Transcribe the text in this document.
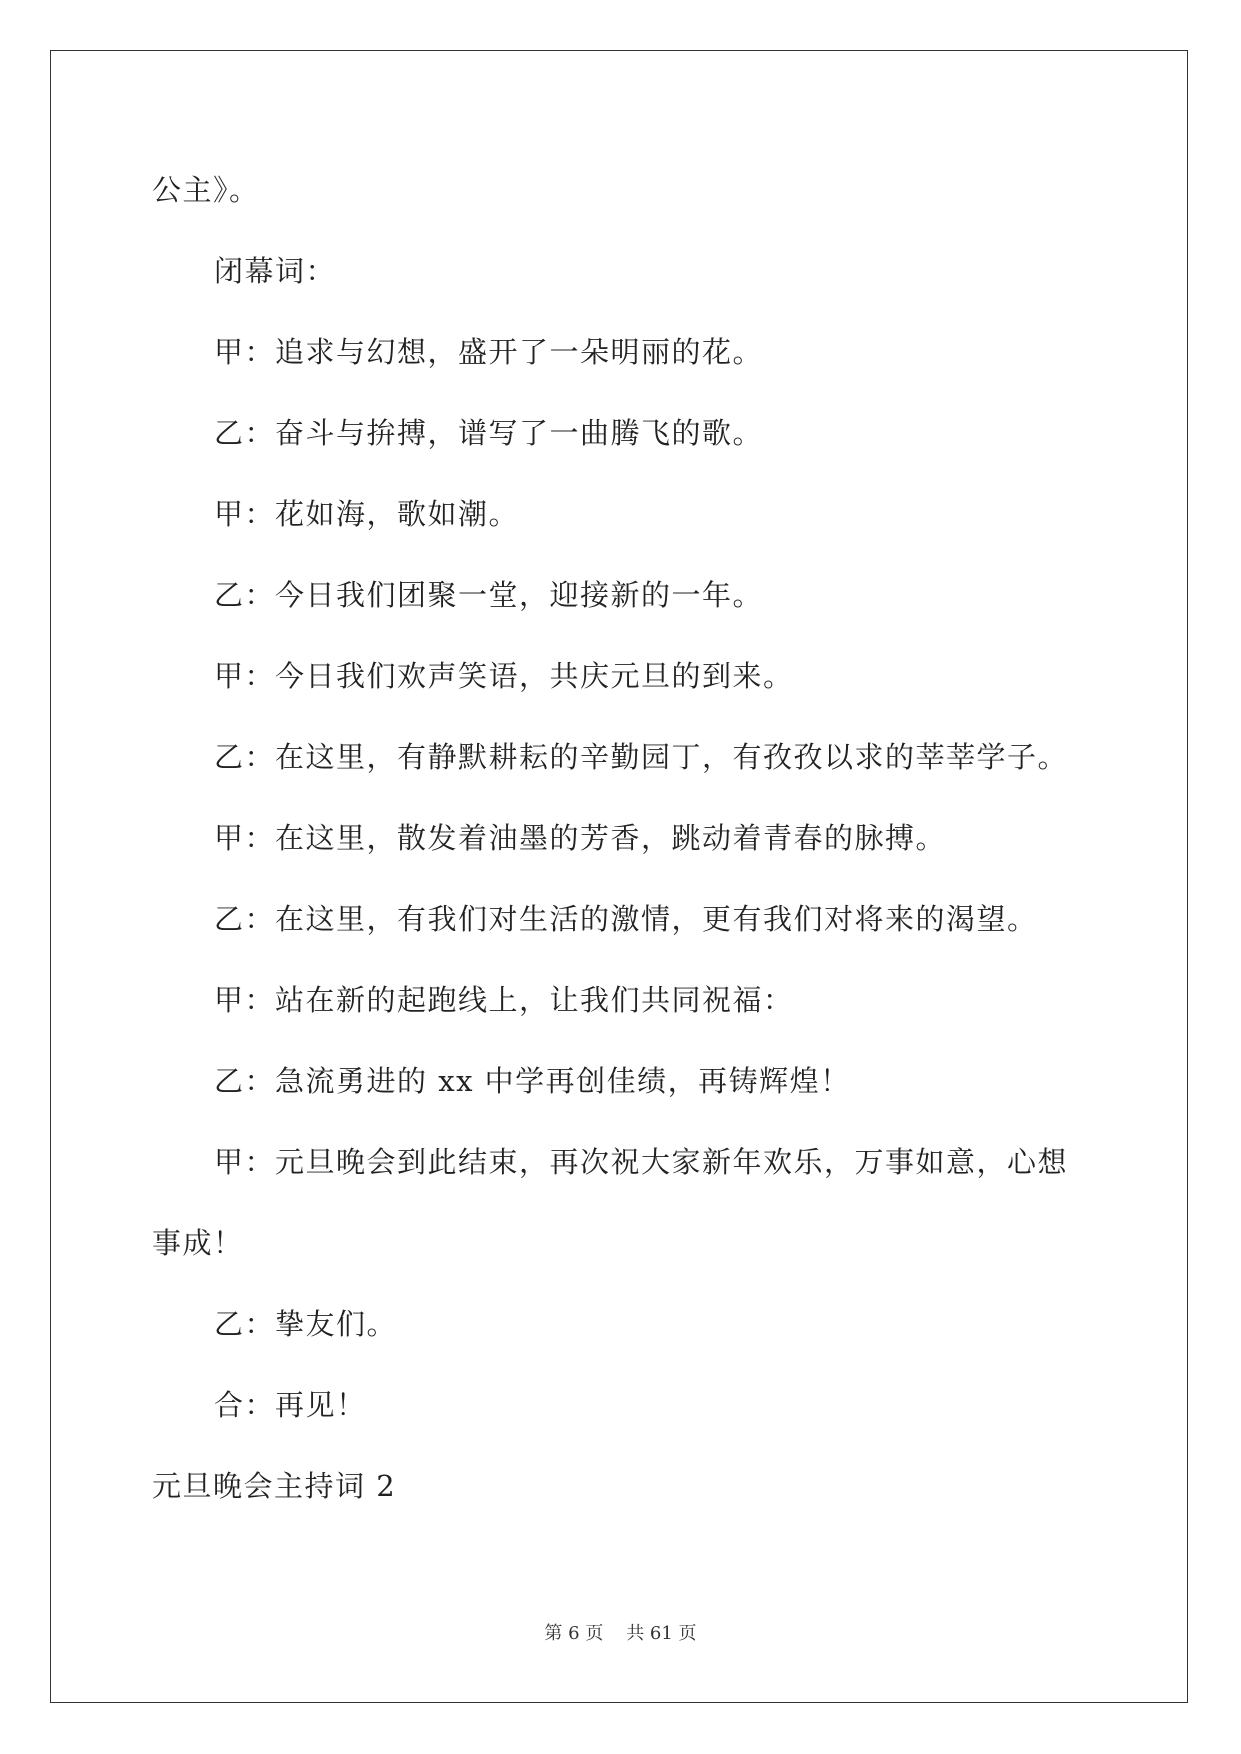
公主》。
闭幕词：
甲：追求与幻想，盛开了一朵明丽的花。
乙：奋斗与拚搏，谱写了一曲腾飞的歌。
甲：花如海，歌如潮。
乙：今日我们团聚一堂，迎接新的一年。
甲：今日我们欢声笑语，共庆元旦的到来。
乙：在这里，有静默耕耘的辛勤园丁，有孜孜以求的莘莘学子。
甲：在这里，散发着油墨的芳香，跳动着青春的脉搏。
乙：在这里，有我们对生活的激情，更有我们对将来的渴望。
甲：站在新的起跑线上，让我们共同祝福：
乙：急流勇进的 xx 中学再创佳绩，再铸辉煌！
甲：元旦晚会到此结束，再次祝大家新年欢乐，万事如意，心想
事成！
乙：挚友们。
合：再见！
元旦晚会主持词 2
第 6 页    共 61 页
